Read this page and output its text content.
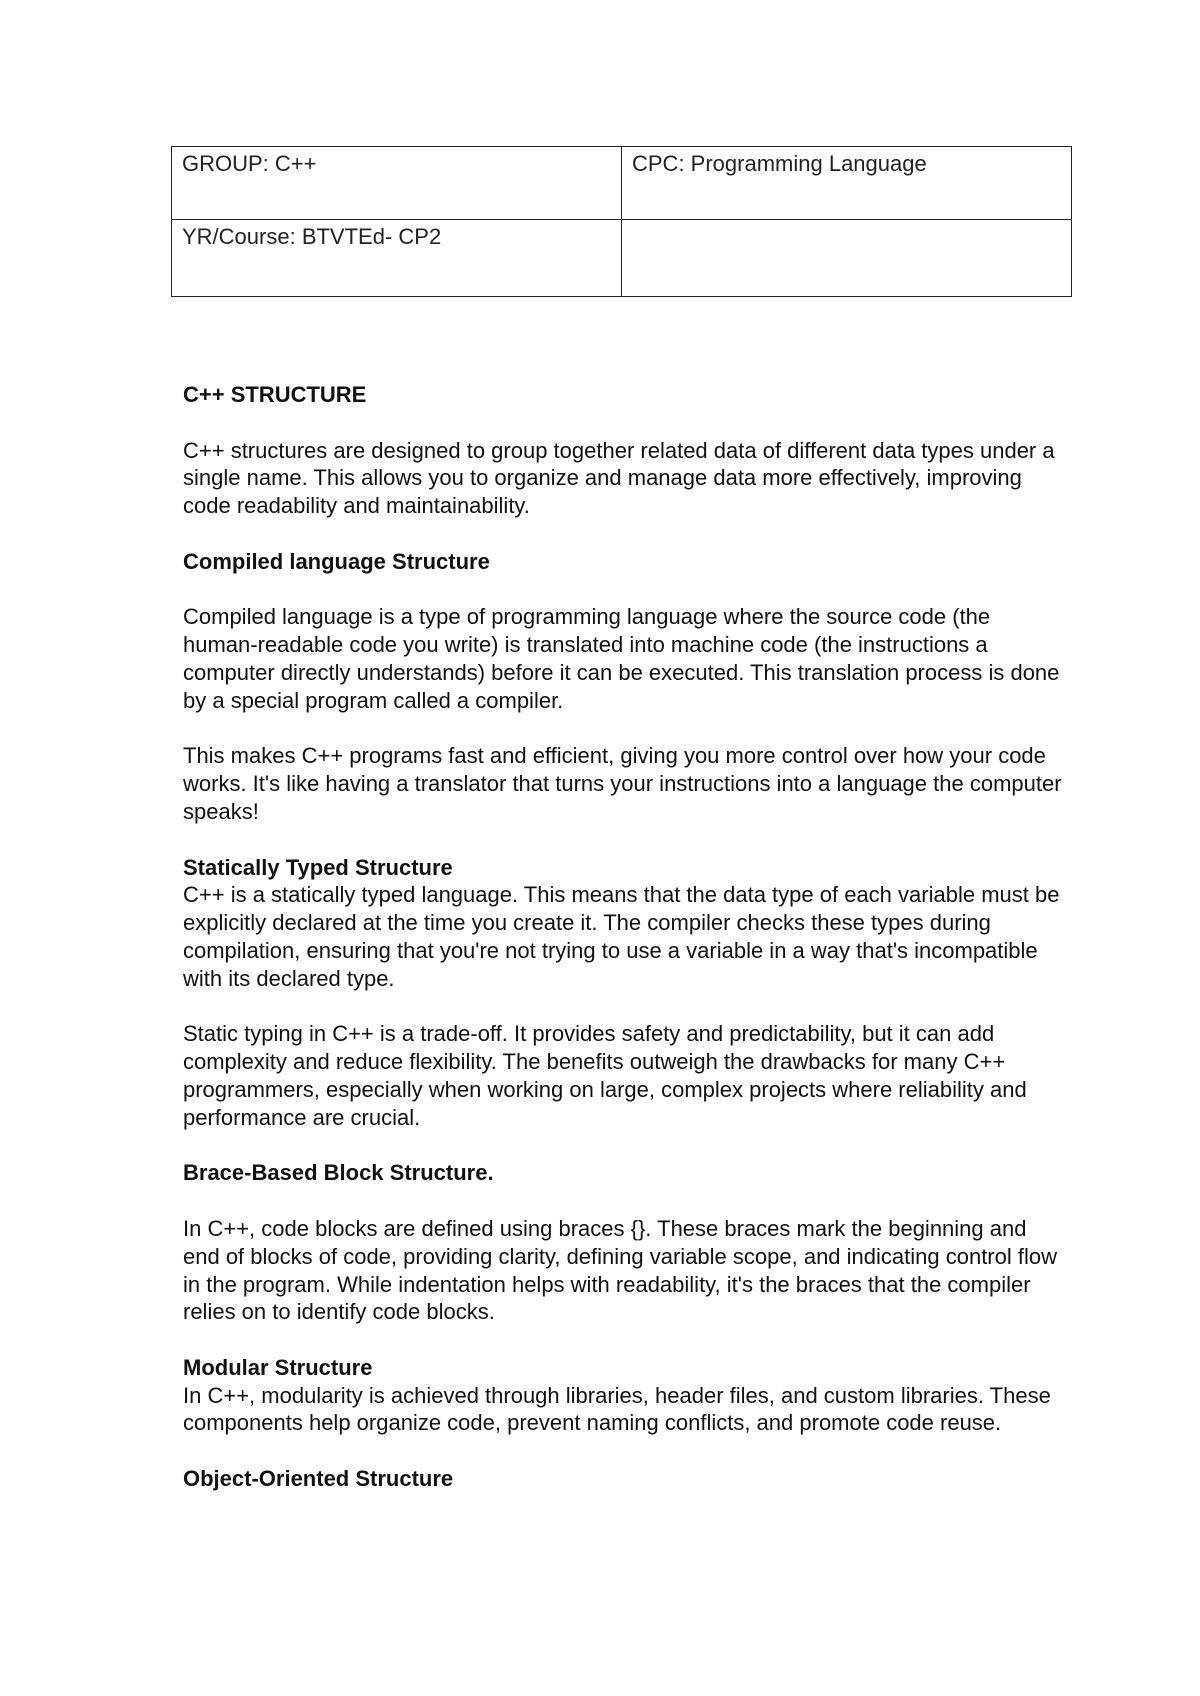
GROUP: C++	CPC: Programming Language
YR/Course: BTVTEd- CP2	
C++ STRUCTURE

C++ structures are designed to group together related data of different data types under a single name. This allows you to organize and manage data more effectively, improving code readability and maintainability.

Compiled language Structure

Compiled language is a type of programming language where the source code (the human-readable code you write) is translated into machine code (the instructions a computer directly understands) before it can be executed. This translation process is done by a special program called a compiler.

This makes C++ programs fast and efficient, giving you more control over how your code works. It's like having a translator that turns your instructions into a language the computer speaks!

Statically Typed Structure

C++ is a statically typed language. This means that the data type of each variable must be explicitly declared at the time you create it. The compiler checks these types during compilation, ensuring that you're not trying to use a variable in a way that's incompatible with its declared type.

Static typing in C++ is a trade-off. It provides safety and predictability, but it can add complexity and reduce flexibility. The benefits outweigh the drawbacks for many C++ programmers, especially when working on large, complex projects where reliability and performance are crucial.

Brace-Based Block Structure.

In C++, code blocks are defined using braces {}. These braces mark the beginning and end of blocks of code, providing clarity, defining variable scope, and indicating control flow in the program. While indentation helps with readability, it's the braces that the compiler relies on to identify code blocks.

Modular Structure

In C++, modularity is achieved through libraries, header files, and custom libraries. These components help organize code, prevent naming conflicts, and promote code reuse.

Object-Oriented Structure
